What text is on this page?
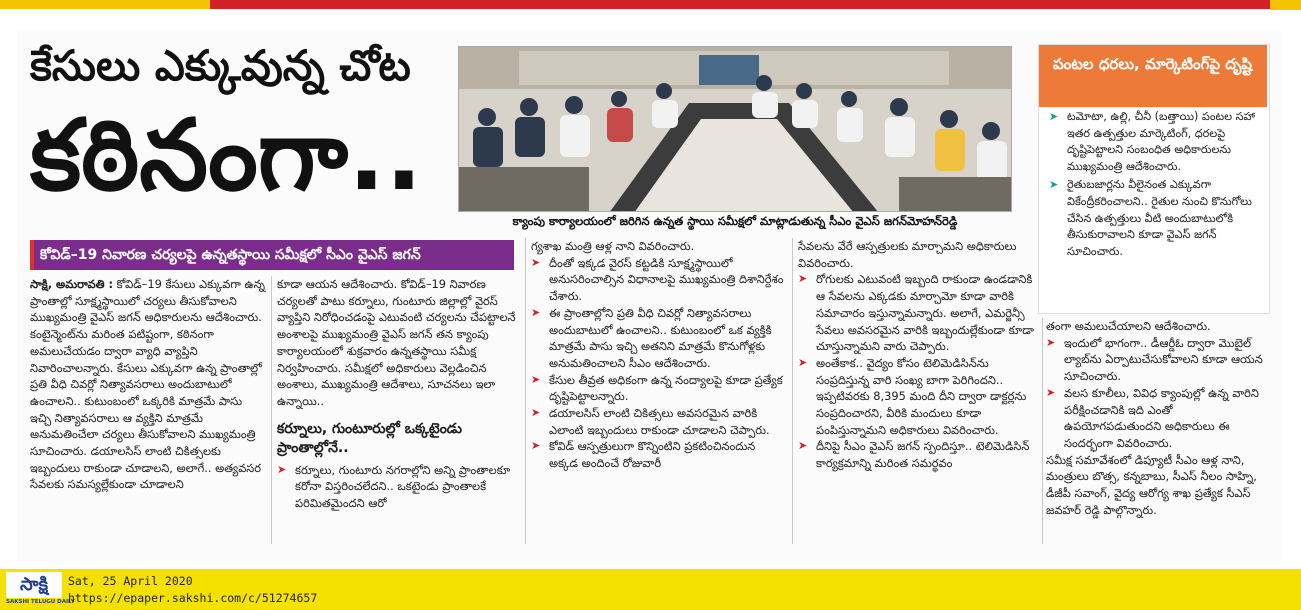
కేసులు ఎక్కువున్న చోట
కఠినంగా..
క్యాంపు కార్యాలయంలో జరిగిన ఉన్నత స్థాయి సమీక్షలో మాట్లాడుతున్న సీఎం వైఎస్ జగన్‌మోహన్‌రెడ్డి
కోవిడ్–19 నివారణ చర్యలపై ఉన్నతస్థాయి సమీక్షలో సీఎం వైఎస్ జగన్

సాక్షి, అమరావతి : కోవిడ్–19 కేసులు ఎక్కువగా ఉన్న ప్రాంతాల్లో సూక్ష్మస్థాయిలో చర్యలు తీసుకోవాలని ముఖ్యమంత్రి వైఎస్ జగన్ అధికారులను ఆదేశించారు. కంటైన్మెంట్‌ను మరింత పటిష్టంగా, కఠినంగా అమలుచేయడం ద్వారా వ్యాధి వ్యాప్తిని నివారించాలన్నారు. కేసులు ఎక్కువగా ఉన్న ప్రాంతాల్లో ప్రతి వీధి చివర్లో నిత్యావసరాలు అందుబాటులో ఉంచాలని.. కుటుంబంలో ఒక్కరికి మాత్రమే పాసు ఇచ్చి నిత్యావసరాలు ఆ వ్యక్తిని మాత్రమే అనుమతించేలా చర్యలు తీసుకోవాలని ముఖ్యమంత్రి సూచించారు. డయాలసిస్ లాంటి చికిత్సలకు ఇబ్బందులు రాకుండా చూడాలని, అలాగే.. అత్యవసర సేవలకు సమస్యల్లేకుండా చూడాలని

కూడా ఆయన ఆదేశించారు. కోవిడ్–19 నివారణ చర్యలతో పాటు కర్నూలు, గుంటూరు జిల్లాల్లో వైరస్ వ్యాప్తిని నిరోధించడంపై ఎటువంటి చర్యలను చేపట్టాలనే అంశాలపై ముఖ్యమంత్రి వైఎస్ జగన్ తన క్యాంపు కార్యాలయంలో శుక్రవారం ఉన్నతస్థాయి సమీక్ష నిర్వహించారు. సమీక్షలో అధికారులు వెల్లడించిన అంశాలు, ముఖ్యమంత్రి ఆదేశాలు, సూచనలు ఇలా ఉన్నాయి..

కర్నూలు, గుంటూరుల్లో ఒక్కటైండు ప్రాంతాల్లోనే..
➤ కర్నూలు, గుంటూరు నగరాల్లోని అన్ని ప్రాంతాలకూ కరోనా విస్తరించలేదని.. ఒకటైండు ప్రాంతాలకే పరిమితమైందని ఆరో

గ్యశాఖ మంత్రి ఆళ్ల నాని వివరించారు.

➤ దీంతో ఇక్కడ వైరస్ కట్టడికి సూక్ష్మస్థాయిలో అనుసరించాల్సిన విధానాలపై ముఖ్యమంత్రి దిశానిర్దేశం చేశారు.
➤ ఈ ప్రాంతాల్లోని ప్రతి వీధి చివర్లో నిత్యావసరాలు అందుబాటులో ఉంచాలని.. కుటుంబంలో ఒక వ్యక్తికి మాత్రమే పాసు ఇచ్చి అతనిని మాత్రమే కొనుగోళ్లకు అనుమతించాలని సీఎం ఆదేశించారు.
➤ కేసుల తీవ్రత అధికంగా ఉన్న నంద్యాలపై కూడా ప్రత్యేక దృష్టిపెట్టాలన్నారు.
➤ డయాలసిస్ లాంటి చికిత్సలు అవసరమైన వారికి ఎలాంటి ఇబ్బందులు రాకుండా చూడాలని చెప్పారు.
➤ కోవిడ్ ఆస్పత్రులుగా కొన్నింటిని ప్రకటించినందున అక్కడ అందించే రోజువారీ

సేవలను వేరే ఆస్పత్రులకు మార్చామని అధికారులు వివరించారు.

➤ రోగులకు ఎటువంటి ఇబ్బంది రాకుండా ఉండడానికి ఆ సేవలను ఎక్కడకు మార్చామో కూడా వారికి సమాచారం ఇస్తున్నామన్నారు. అలాగే, ఎమర్జెన్సీ సేవలు అవసరమైన వారికి ఇబ్బందుల్లేకుండా కూడా చూస్తున్నామని వారు చెప్పారు.
➤ అంతేకాక.. వైద్యం కోసం టెలిమెడిసిన్‌ను సంప్రదిస్తున్న వారి సంఖ్య బాగా పెరిగిందని.. ఇప్పటివరకు 8,395 మంది దీని ద్వారా డాక్టర్లను సంప్రదించారని, వీరికి మందులు కూడా పంపిస్తున్నామని అధికారులు వివరించారు.
➤ దీనిపై సీఎం వైఎస్ జగన్ స్పందిస్తూ.. టెలిమెడిసిన్ కార్యక్రమాన్ని మరింత సమర్థవం

తంగా అమలుచేయాలని ఆదేశించారు.

➤ ఇందులో భాగంగా.. డీఆర్డీఓ ద్వారా మొబైల్ ల్యాబ్‌ను ఏర్పాటుచేసుకోవాలని కూడా ఆయన సూచించారు.
➤ వలస కూలీలు, వివిధ క్యాంపుల్లో ఉన్న వారిని పరీక్షించడానికి ఇది ఎంతో ఉపయోగపడుతుందని అధికారులు ఈ సందర్భంగా వివరించారు.

సమీక్ష సమావేశంలో డిప్యూటీ సీఎం ఆళ్ల నాని, మంత్రులు బొత్స, కన్నబాబు, సీఎస్ నీలం సాహ్ని, డీజీపీ సవాంగ్, వైద్య ఆరోగ్య శాఖ ప్రత్యేక సీఎస్ జవహర్ రెడ్డి పాల్గొన్నారు.

పంటల ధరలు, మార్కెటింగ్‌పై దృష్టి
➤ టమోటా, ఉల్లి, చీనీ (బత్తాయి) పంటల సహా ఇతర ఉత్పత్తుల మార్కెటింగ్, ధరలపై దృష్టిపెట్టాలని సంబంధిత అధికారులను ముఖ్యమంత్రి ఆదేశించారు.
➤ రైతుబజార్లను వీలైనంత ఎక్కువగా వికేంద్రీకరించాలని.. రైతుల నుంచి కొనుగోలు చేసిన ఉత్పత్తులు వీటి అందుబాటులోకి తీసుకురావాలని కూడా వైఎస్ జగన్ సూచించారు.
సాక్షి
SAKSHI TELUGU DAILY
Sat, 25 April 2020
https://epaper.sakshi.com/c/51274657
